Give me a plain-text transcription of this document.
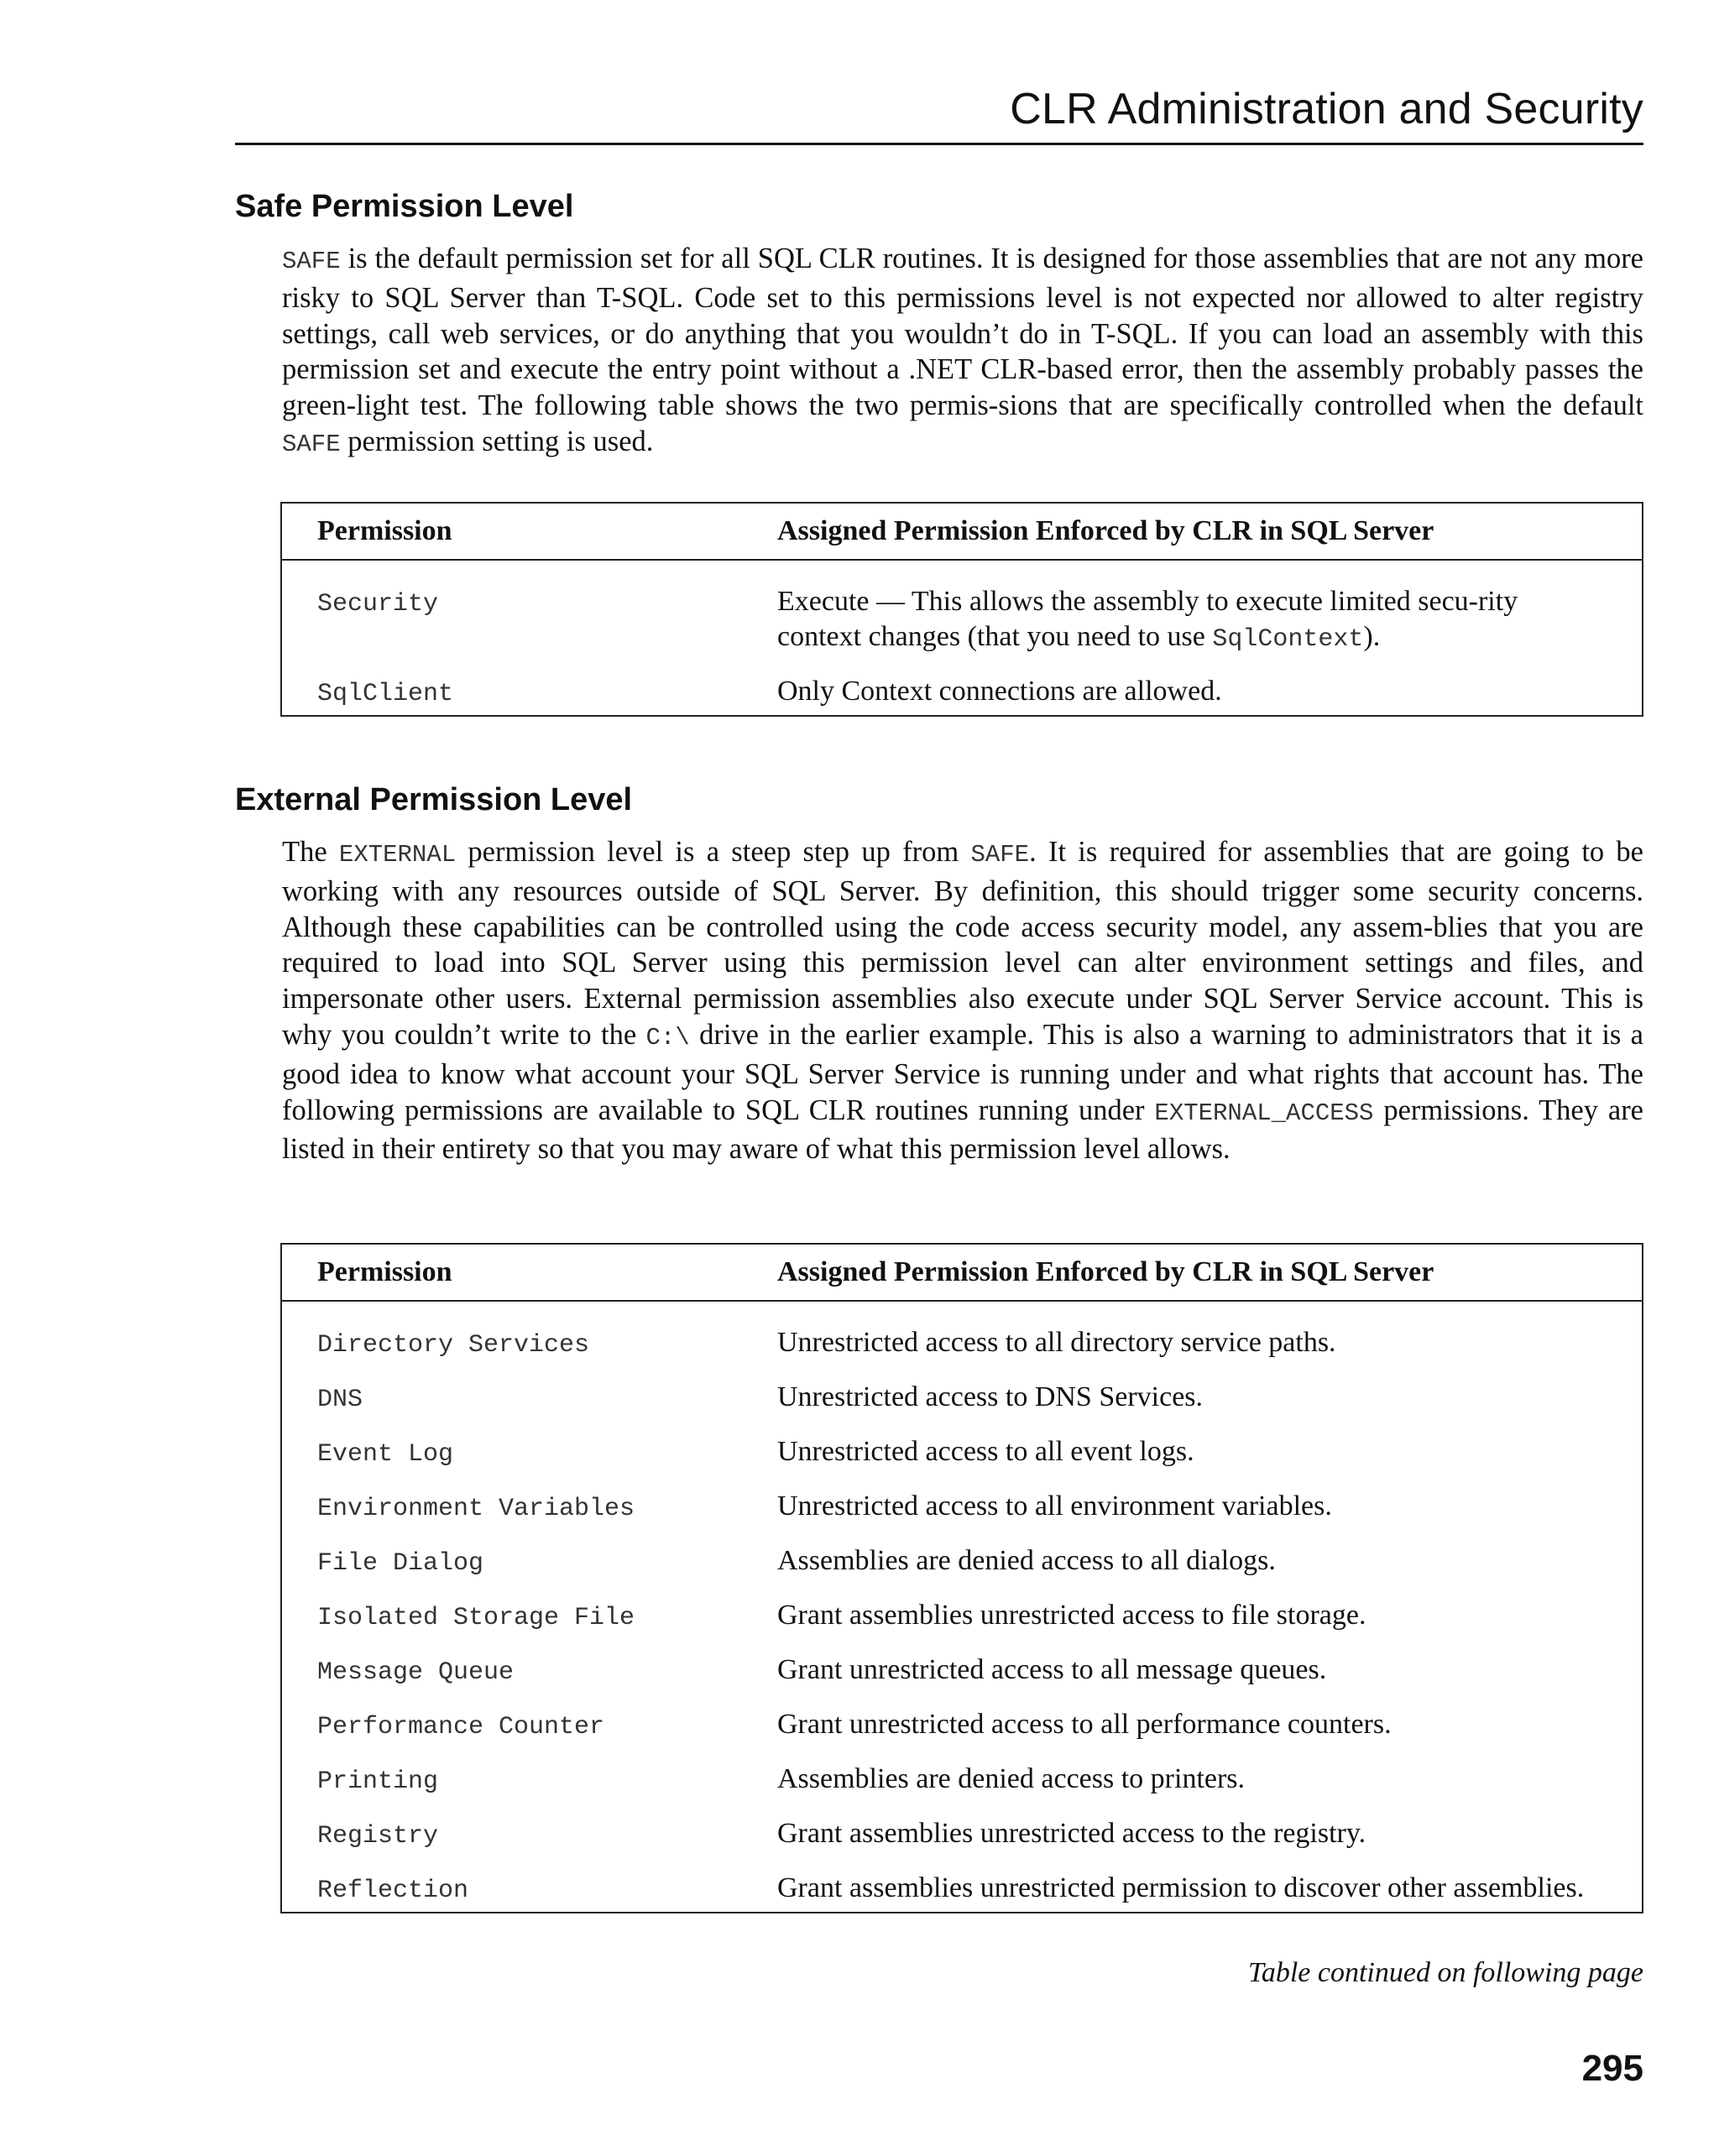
CLR Administration and Security
Safe Permission Level
SAFE is the default permission set for all SQL CLR routines. It is designed for those assemblies that are not any more risky to SQL Server than T-SQL. Code set to this permissions level is not expected nor allowed to alter registry settings, call web services, or do anything that you wouldn’t do in T-SQL. If you can load an assembly with this permission set and execute the entry point without a .NET CLR-based error, then the assembly probably passes the green-light test. The following table shows the two permis-sions that are specifically controlled when the default SAFE permission setting is used.
Permission	Assigned Permission Enforced by CLR in SQL Server
Security	Execute — This allows the assembly to execute limited secu-rity context changes (that you need to use SqlContext).
SqlClient	Only Context connections are allowed.
External Permission Level
The EXTERNAL permission level is a steep step up from SAFE. It is required for assemblies that are going to be working with any resources outside of SQL Server. By definition, this should trigger some security concerns. Although these capabilities can be controlled using the code access security model, any assem-blies that you are required to load into SQL Server using this permission level can alter environment settings and files, and impersonate other users. External permission assemblies also execute under SQL Server Service account. This is why you couldn’t write to the C:\ drive in the earlier example. This is also a warning to administrators that it is a good idea to know what account your SQL Server Service is running under and what rights that account has. The following permissions are available to SQL CLR routines running under EXTERNAL_ACCESS permissions. They are listed in their entirety so that you may aware of what this permission level allows.
Permission	Assigned Permission Enforced by CLR in SQL Server
Directory Services	Unrestricted access to all directory service paths.
DNS	Unrestricted access to DNS Services.
Event Log	Unrestricted access to all event logs.
Environment Variables	Unrestricted access to all environment variables.
File Dialog	Assemblies are denied access to all dialogs.
Isolated Storage File	Grant assemblies unrestricted access to file storage.
Message Queue	Grant unrestricted access to all message queues.
Performance Counter	Grant unrestricted access to all performance counters.
Printing	Assemblies are denied access to printers.
Registry	Grant assemblies unrestricted access to the registry.
Reflection	Grant assemblies unrestricted permission to discover other assemblies.
Table continued on following page
295
